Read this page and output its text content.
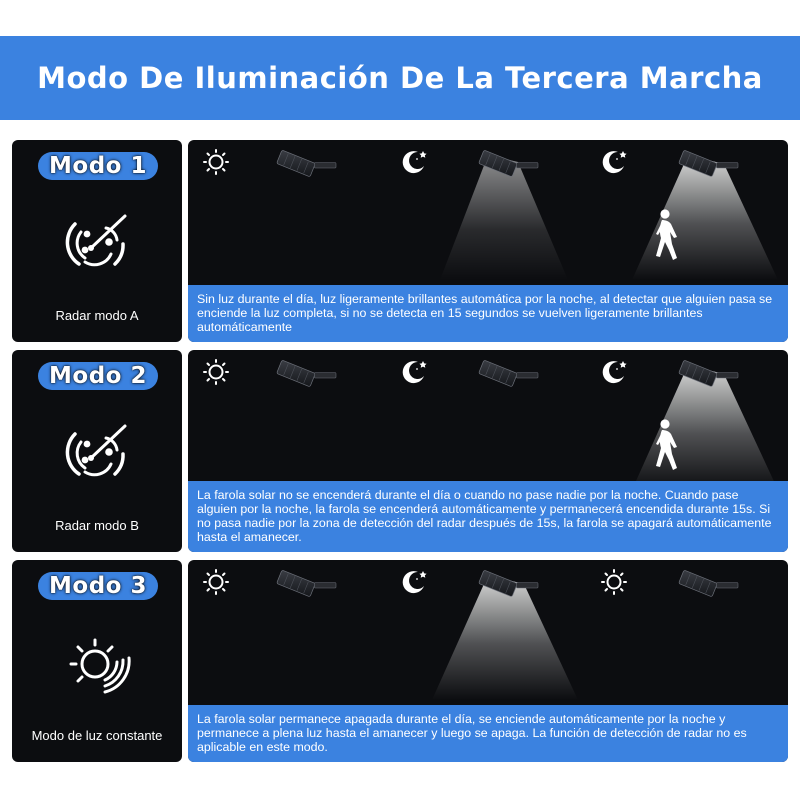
Modo De Iluminación De La Tercera Marcha
Modo 1
Radar modo A
Sin luz durante el día, luz ligeramente brillantes automática por la noche, al detectar que alguien pasa se enciende la luz completa, si no se detecta en 15 segundos se vuelven ligeramente brillantes automáticamente
Modo 2
Radar modo B
La farola solar no se encenderá durante el día o cuando no pase nadie por la noche. Cuando pase alguien por la noche, la farola se encenderá automáticamente y permanecerá encendida durante 15s. Si no pasa nadie por la zona de detección del radar después de 15s, la farola se apagará automáticamente hasta el amanecer.
Modo 3
Modo de luz constante
La farola solar permanece apagada durante el día, se enciende automáticamente por la noche y permanece a plena luz hasta el amanecer y luego se apaga. La función de detección de radar no es aplicable en este modo.
